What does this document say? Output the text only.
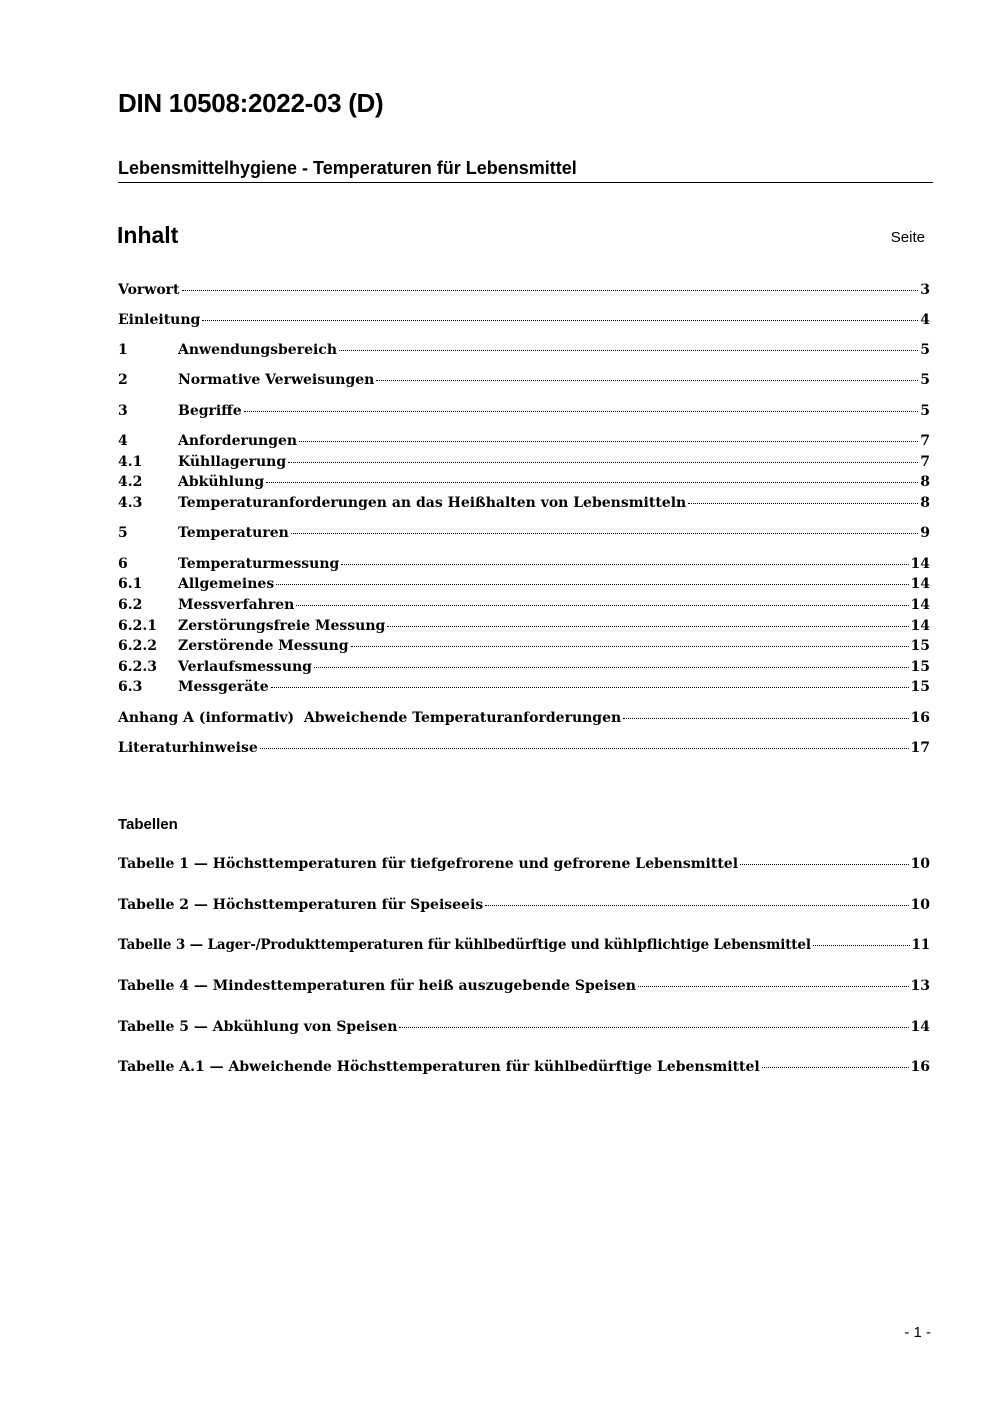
DIN 10508:2022-03 (D)
Lebensmittelhygiene - Temperaturen für Lebensmittel
Inhalt	Seite
Vorwort	3
Einleitung	4
1	Anwendungsbereich	5
2	Normative Verweisungen	5
3	Begriffe	5
4	Anforderungen	7
4.1	Kühllagerung	7
4.2	Abkühlung	8
4.3	Temperaturanforderungen an das Heißhalten von Lebensmitteln	8
5	Temperaturen	9
6	Temperaturmessung	14
6.1	Allgemeines	14
6.2	Messverfahren	14
6.2.1	Zerstörungsfreie Messung	14
6.2.2	Zerstörende Messung	15
6.2.3	Verlaufsmessung	15
6.3	Messgeräte	15
Anhang A (informativ)  Abweichende Temperaturanforderungen	16
Literaturhinweise	17
Tabellen
Tabelle 1 — Höchsttemperaturen für tiefgefrorene und gefrorene Lebensmittel	10
Tabelle 2 — Höchsttemperaturen für Speiseeis	10
Tabelle 3 — Lager-/Produkttemperaturen für kühlbedürftige und kühlpflichtige Lebensmittel	11
Tabelle 4 — Mindesttemperaturen für heiß auszugebende Speisen	13
Tabelle 5 — Abkühlung von Speisen	14
Tabelle A.1 — Abweichende Höchsttemperaturen für kühlbedürftige Lebensmittel	16
- 1 -
